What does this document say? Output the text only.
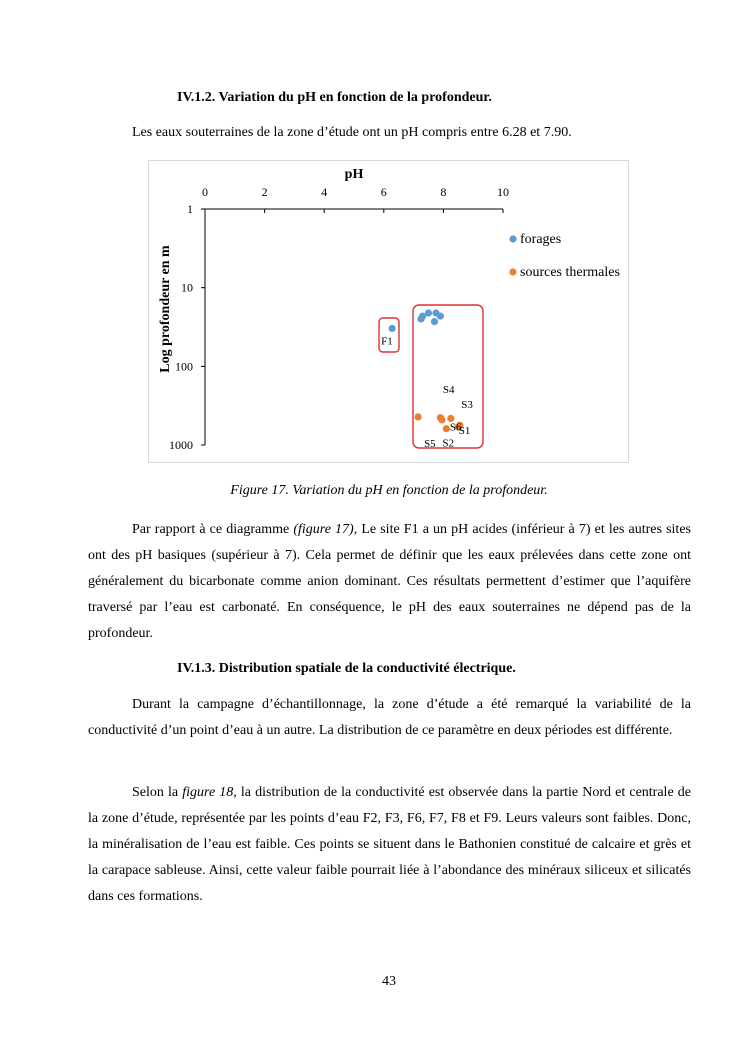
IV.1.2. Variation du pH en fonction de la profondeur.
Les eaux souterraines de la zone d’étude ont un pH compris entre 6.28 et 7.90.
pH
0	2	4	6	8	10
1
10
100
1000
Log profondeur en m	F1
S5
S4
S2
S6
S3
S1
forages
sources thermales
Figure 17. Variation du pH en fonction de la profondeur.
Par rapport à ce diagramme (figure 17), Le site F1 a un pH acides (inférieur à 7) et les autres sites ont des pH basiques (supérieur à 7). Cela permet de définir que les eaux prélevées dans cette zone ont généralement du bicarbonate comme anion dominant. Ces résultats permettent d’estimer que l’aquifère traversé par l’eau est carbonaté. En conséquence, le pH des eaux souterraines ne dépend pas de la profondeur.
IV.1.3. Distribution spatiale de la conductivité électrique.
Durant la campagne d’échantillonnage, la zone d’étude a été remarqué la variabilité de la conductivité d’un point d’eau à un autre. La distribution de ce paramètre en deux périodes est différente.
Selon la figure 18, la distribution de la conductivité est observée dans la partie Nord et centrale de la zone d’étude, représentée par les points d’eau F2, F3, F6, F7, F8 et F9. Leurs valeurs sont faibles. Donc, la minéralisation de l’eau est faible. Ces points se situent dans le Bathonien constitué de calcaire et grès et la carapace sableuse. Ainsi, cette valeur faible pourrait liée à l’abondance des minéraux siliceux et silicatés dans ces formations.
43
